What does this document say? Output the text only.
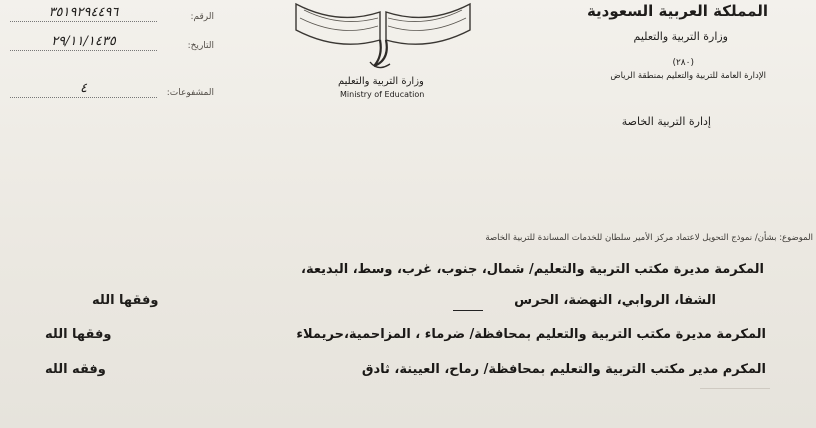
المملكة العربية السعودية
وزارة التربية والتعليم
(٢٨٠)
الإدارة العامة للتربية والتعليم بمنطقة الرياض
إدارة التربية الخاصة
الرقم:
٣٥١٩٢٩٤٤٩٦
التاريخ:
٢٩/١١/١٤٣٥
المشفوعات:
٤	وزارة التربية والتعليم
Ministry of Education
الموضوع: بشأن/ نموذج التحويل لاعتماد مركز الأمير سلطان للخدمات المساندة للتربية الخاصة
المكرمة مديرة مكتب التربية والتعليم/ شمال، جنوب، غرب، وسط، البديعة،
الشفا، الروابي، النهضة، الحرس
وفقها الله
المكرمة مديرة مكتب التربية والتعليم بمحافظة/ ضرماء ، المزاحمية،حريملاء
وفقها الله
المكرم مدير مكتب التربية والتعليم بمحافظة/ رماح، العيينة، ثادق
وفقه الله
